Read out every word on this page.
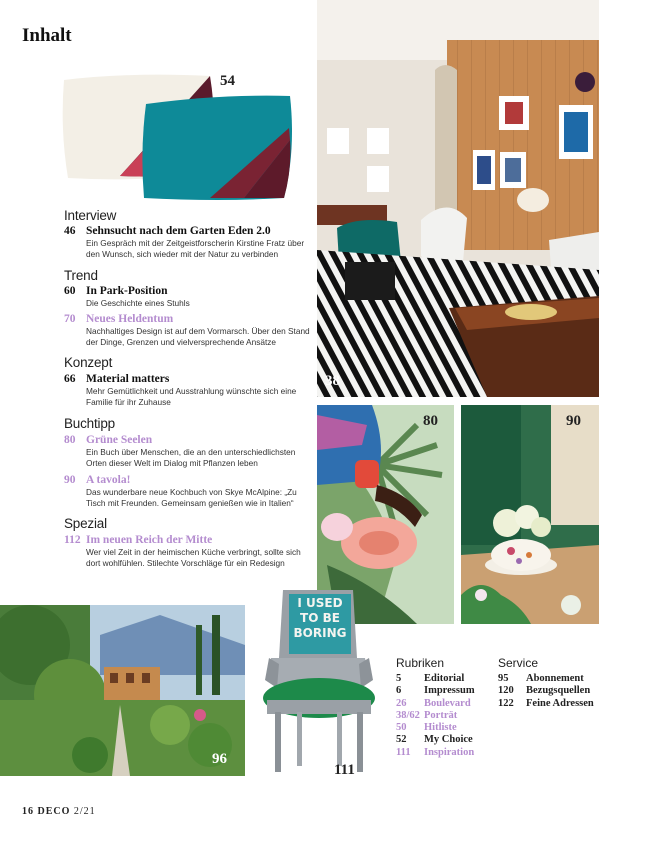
Inhalt
54
38
80	90
96
I USED
TO BE
BORING
111
Interview
46 Sehnsucht nach dem Garten Eden 2.0
Ein Gespräch mit der Zeitgeistforscherin Kirstine Fratz über den Wunsch, sich wieder mit der Natur zu verbinden
Trend
60 In Park-Position
Die Geschichte eines Stuhls
70 Neues Heldentum
Nachhaltiges Design ist auf dem Vormarsch. Über den Stand der Dinge, Grenzen und vielversprechende Ansätze
Konzept
66 Material matters
Mehr Gemütlichkeit und Ausstrahlung wünschte sich eine Familie für ihr Zuhause
Buchtipp
80 Grüne Seelen
Ein Buch über Menschen, die an den unterschiedlichsten Orten dieser Welt im Dialog mit Pflanzen leben
90 A tavola!
Das wunderbare neue Kochbuch von Skye McAlpine: „Zu Tisch mit Freunden. Gemeinsam genießen wie in Italien“
Spezial
112 Im neuen Reich der Mitte
Wer viel Zeit in der heimischen Küche verbringt, sollte sich dort wohlfühlen. Stilechte Vorschläge für ein Redesign
Rubriken
5 Editorial
6 Impressum
26 Boulevard
38/62 Porträt
50 Hitliste
52 My Choice
111 Inspiration
Service
95 Abonnement
120 Bezugsquellen
122 Feine Adressen
16 DECO 2/21
